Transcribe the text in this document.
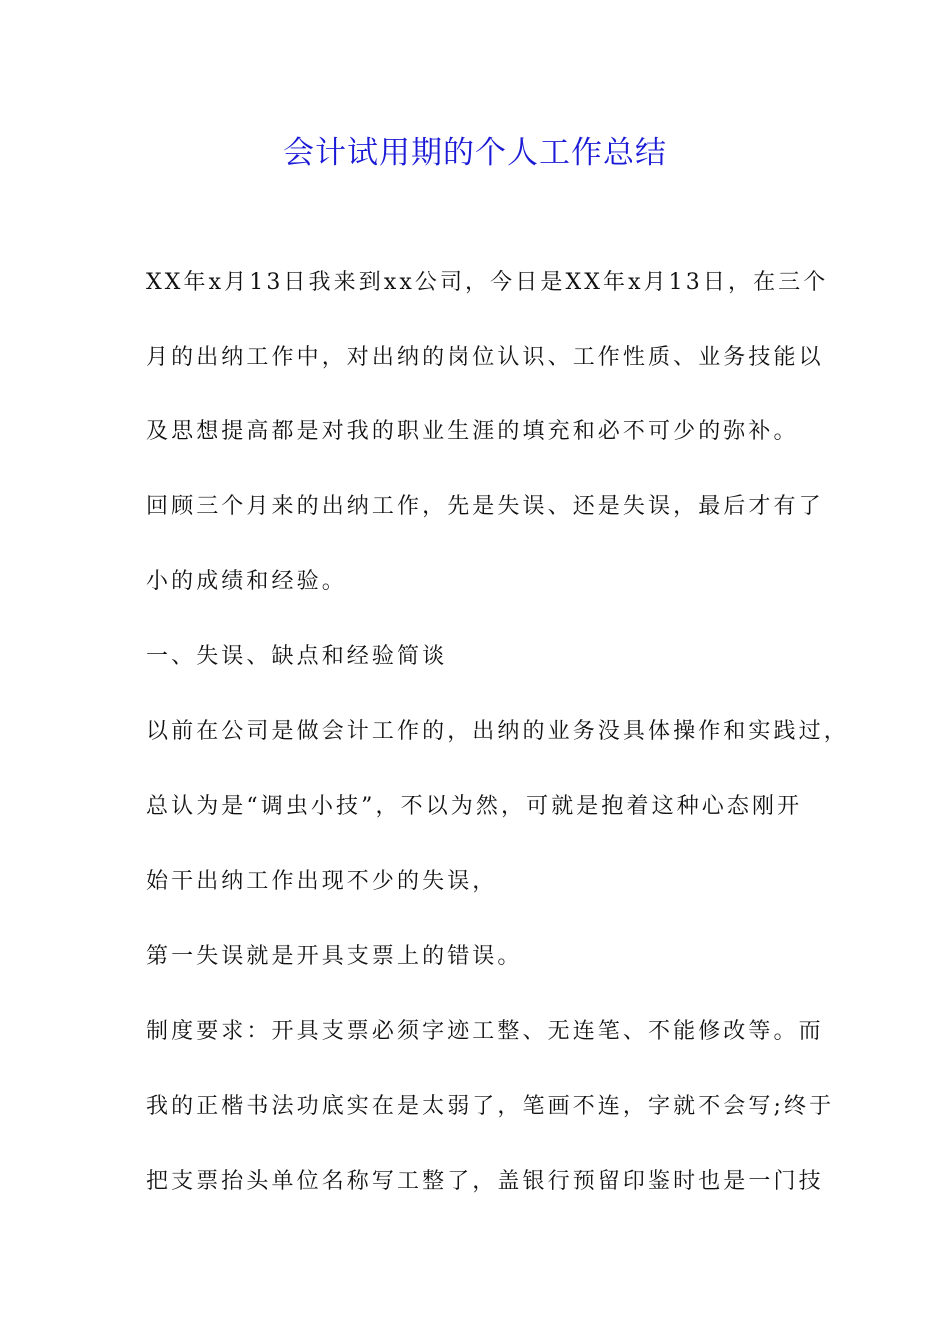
会计试用期的个人工作总结

XX年x月13日我来到xx公司，今日是XX年x月13日，在三个

月的出纳工作中，对出纳的岗位认识、工作性质、业务技能以

及思想提高都是对我的职业生涯的填充和必不可少的弥补。

回顾三个月来的出纳工作，先是失误、还是失误，最后才有了

小的成绩和经验。

一、失误、缺点和经验简谈

以前在公司是做会计工作的，出纳的业务没具体操作和实践过，

总认为是“调虫小技”，不以为然，可就是抱着这种心态刚开

始干出纳工作出现不少的失误，

第一失误就是开具支票上的错误。

制度要求：开具支票必须字迹工整、无连笔、不能修改等。而

我的正楷书法功底实在是太弱了，笔画不连，字就不会写;终于

把支票抬头单位名称写工整了，盖银行预留印鉴时也是一门技
